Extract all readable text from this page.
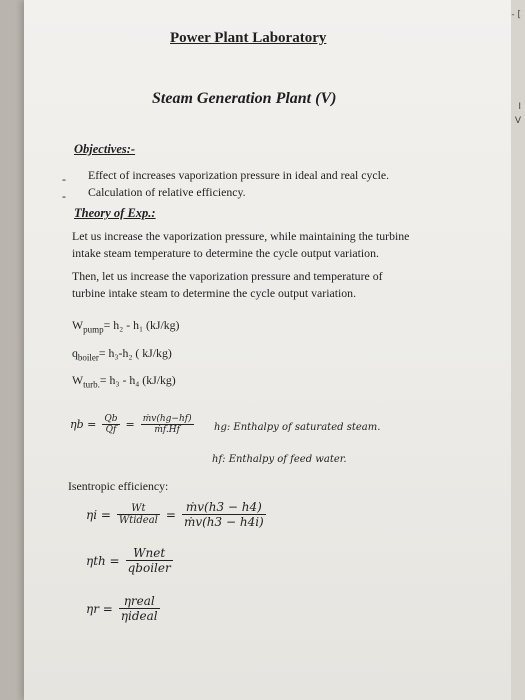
Power Plant Laboratory
Steam Generation Plant (V)
Objectives:-
- Effect of increases vaporization pressure in ideal and real cycle.
- Calculation of relative efficiency.
Theory of Exp.:
Let us increase the vaporization pressure, while maintaining the turbine
intake steam temperature to determine the cycle output variation.
Then, let us increase the vaporization pressure and temperature of
turbine intake steam to determine the cycle output variation.
$W_{pump}= h_2 - h_1$ (kJ/kg)
$q_{boiler}= h_3-h_2$ ( kJ/kg)
$W_{turb.}= h_3 - h_4$ (kJ/kg)
$\eta b = \frac{Qb}{Qf} = \frac{\text{ṁv(hg−hf)}}{\text{ṁf.Hf}}$ hg: Enthalpy of saturated steam.
hf: Enthalpy of feed water.
Isentropic efficiency:
$\eta i = \frac{Wt}{\text{Wtideal}} = \frac{\text{ṁv(h3 − h4)}}{\text{ṁv(h3 − h4i)}}$
$\eta th = \frac{\text{Wnet}}{\text{qboiler}}$
$\eta r = \frac{\text{ηreal}}{\text{ηideal}}$
- [
I
V
